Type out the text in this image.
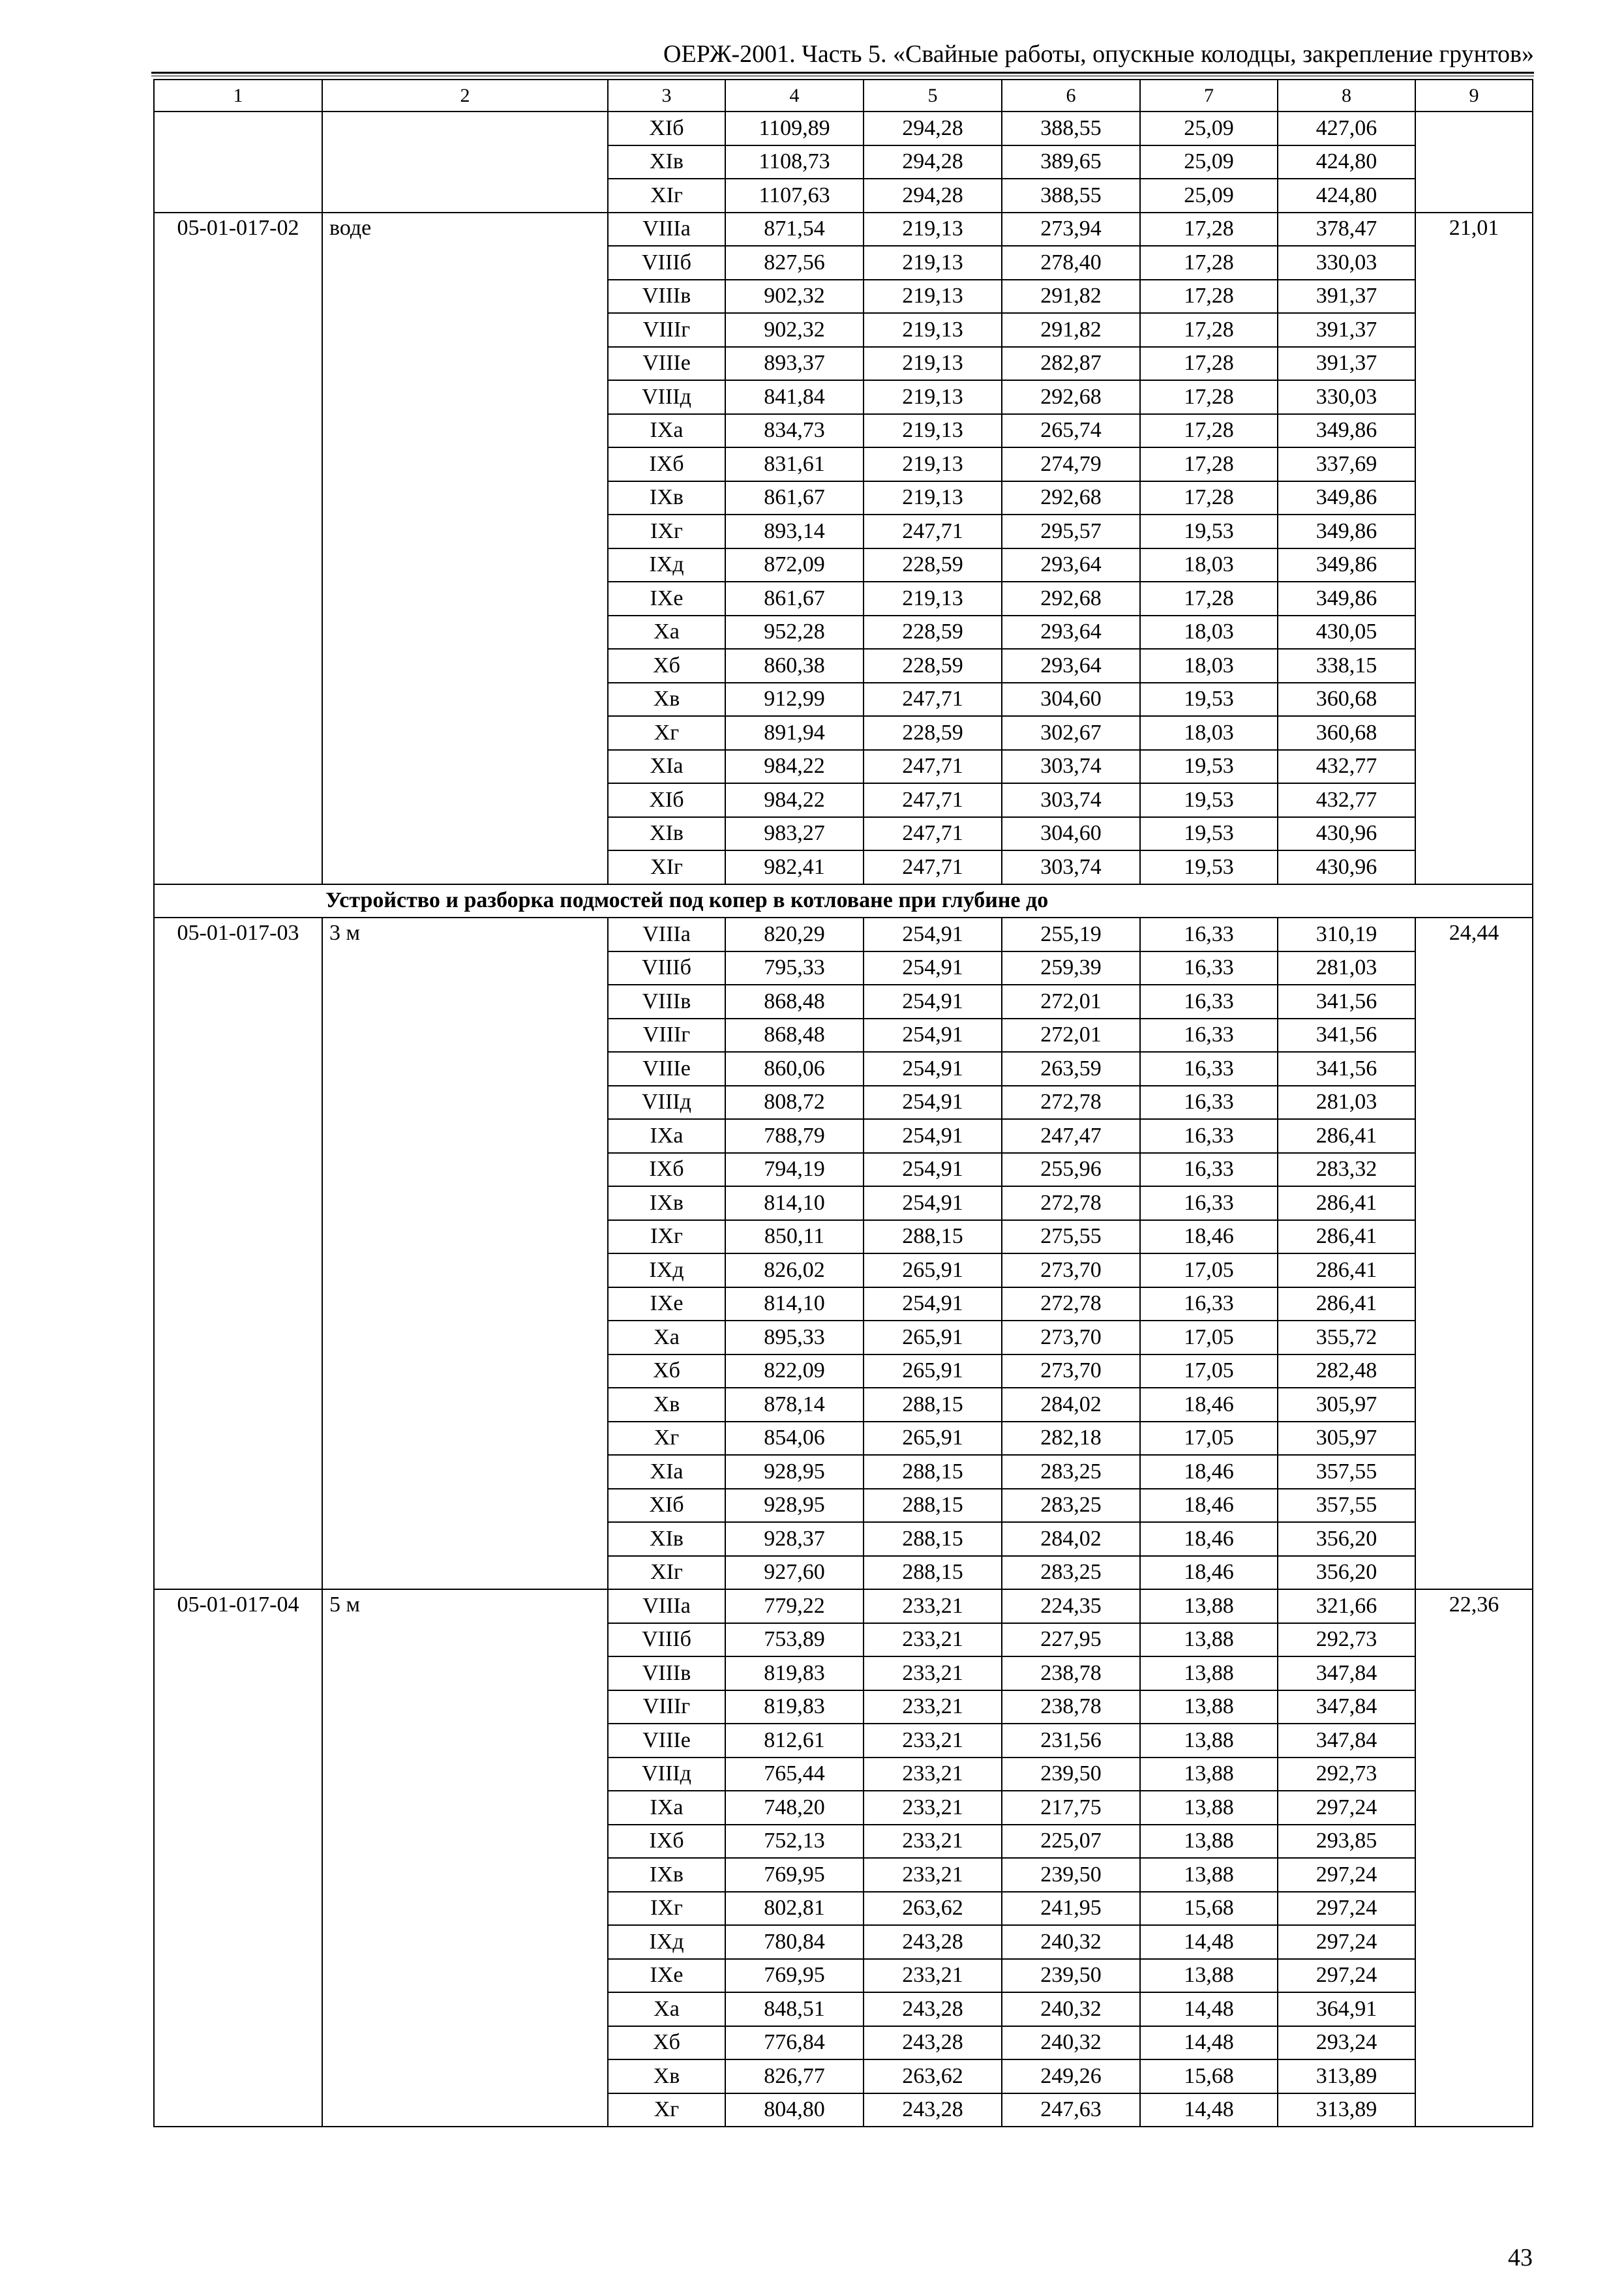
ОЕРЖ-2001. Часть 5. «Свайные работы, опускные колодцы, закрепление грунтов»
1	2	3	4	5	6	7	8	9
		XIб	1109,89	294,28	388,55	25,09	427,06	
		XIв	1108,73	294,28	389,65	25,09	424,80	
		XIг	1107,63	294,28	388,55	25,09	424,80	
05-01-017-02	воде	VIIIа	871,54	219,13	273,94	17,28	378,47	21,01
		VIIIб	827,56	219,13	278,40	17,28	330,03	
		VIIIв	902,32	219,13	291,82	17,28	391,37	
		VIIIг	902,32	219,13	291,82	17,28	391,37	
		VIIIе	893,37	219,13	282,87	17,28	391,37	
		VIIIд	841,84	219,13	292,68	17,28	330,03	
		IXа	834,73	219,13	265,74	17,28	349,86	
		IXб	831,61	219,13	274,79	17,28	337,69	
		IXв	861,67	219,13	292,68	17,28	349,86	
		IXг	893,14	247,71	295,57	19,53	349,86	
		IXд	872,09	228,59	293,64	18,03	349,86	
		IXе	861,67	219,13	292,68	17,28	349,86	
		Xа	952,28	228,59	293,64	18,03	430,05	
		Xб	860,38	228,59	293,64	18,03	338,15	
		Xв	912,99	247,71	304,60	19,53	360,68	
		Xг	891,94	228,59	302,67	18,03	360,68	
		XIа	984,22	247,71	303,74	19,53	432,77	
		XIб	984,22	247,71	303,74	19,53	432,77	
		XIв	983,27	247,71	304,60	19,53	430,96	
		XIг	982,41	247,71	303,74	19,53	430,96	
Устройство и разборка подмостей под копер в котловане при глубине до								
05-01-017-03	3 м	VIIIа	820,29	254,91	255,19	16,33	310,19	24,44
		VIIIб	795,33	254,91	259,39	16,33	281,03	
		VIIIв	868,48	254,91	272,01	16,33	341,56	
		VIIIг	868,48	254,91	272,01	16,33	341,56	
		VIIIе	860,06	254,91	263,59	16,33	341,56	
		VIIIд	808,72	254,91	272,78	16,33	281,03	
		IXа	788,79	254,91	247,47	16,33	286,41	
		IXб	794,19	254,91	255,96	16,33	283,32	
		IXв	814,10	254,91	272,78	16,33	286,41	
		IXг	850,11	288,15	275,55	18,46	286,41	
		IXд	826,02	265,91	273,70	17,05	286,41	
		IXе	814,10	254,91	272,78	16,33	286,41	
		Xа	895,33	265,91	273,70	17,05	355,72	
		Xб	822,09	265,91	273,70	17,05	282,48	
		Xв	878,14	288,15	284,02	18,46	305,97	
		Xг	854,06	265,91	282,18	17,05	305,97	
		XIа	928,95	288,15	283,25	18,46	357,55	
		XIб	928,95	288,15	283,25	18,46	357,55	
		XIв	928,37	288,15	284,02	18,46	356,20	
		XIг	927,60	288,15	283,25	18,46	356,20	
05-01-017-04	5 м	VIIIа	779,22	233,21	224,35	13,88	321,66	22,36
		VIIIб	753,89	233,21	227,95	13,88	292,73	
		VIIIв	819,83	233,21	238,78	13,88	347,84	
		VIIIг	819,83	233,21	238,78	13,88	347,84	
		VIIIе	812,61	233,21	231,56	13,88	347,84	
		VIIIд	765,44	233,21	239,50	13,88	292,73	
		IXа	748,20	233,21	217,75	13,88	297,24	
		IXб	752,13	233,21	225,07	13,88	293,85	
		IXв	769,95	233,21	239,50	13,88	297,24	
		IXг	802,81	263,62	241,95	15,68	297,24	
		IXд	780,84	243,28	240,32	14,48	297,24	
		IXе	769,95	233,21	239,50	13,88	297,24	
		Xа	848,51	243,28	240,32	14,48	364,91	
		Xб	776,84	243,28	240,32	14,48	293,24	
		Xв	826,77	263,62	249,26	15,68	313,89	
		Xг	804,80	243,28	247,63	14,48	313,89	
43
